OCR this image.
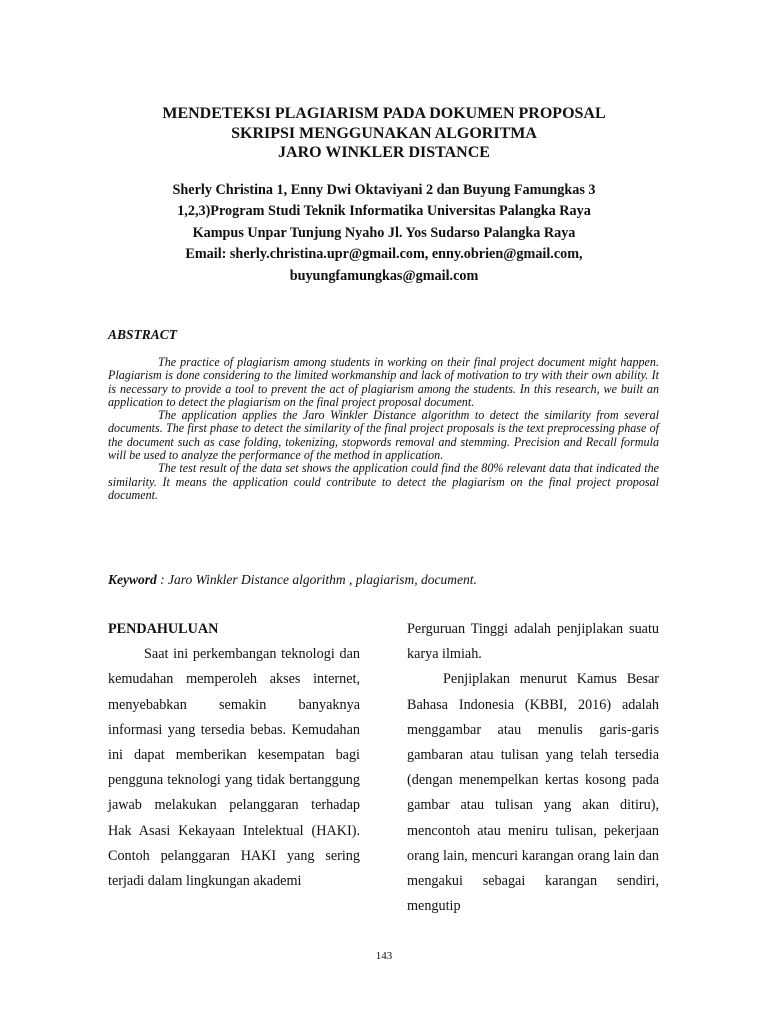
MENDETEKSI PLAGIARISM PADA DOKUMEN PROPOSAL
SKRIPSI MENGGUNAKAN ALGORITMA
JARO WINKLER DISTANCE
Sherly Christina 1, Enny Dwi Oktaviyani 2 dan Buyung Famungkas 3
1,2,3)Program Studi Teknik Informatika Universitas Palangka Raya
Kampus Unpar Tunjung Nyaho Jl. Yos Sudarso Palangka Raya
Email: sherly.christina.upr@gmail.com, enny.obrien@gmail.com,
buyungfamungkas@gmail.com
ABSTRACT

The practice of plagiarism among students in working on their final project document might happen. Plagiarism is done considering to the limited workmanship and lack of motivation to try with their own ability. It is necessary to provide a tool to prevent the act of plagiarism among the students. In this research, we built an application to detect the plagiarism on the final project proposal document.

The application applies the Jaro Winkler Distance algorithm to detect the similarity from several documents. The first phase to detect the similarity of the final project proposals is the text preprocessing phase of the document such as case folding, tokenizing, stopwords removal and stemming. Precision and Recall formula will be used to analyze the performance of the method in application.

The test result of the data set shows the application could find the 80% relevant data that indicated the similarity. It means the application could contribute to detect the plagiarism on the final project proposal document.

Keyword : Jaro Winkler Distance algorithm , plagiarism, document.
PENDAHULUAN

Saat ini perkembangan teknologi dan kemudahan memperoleh akses internet, menyebabkan semakin banyaknya informasi yang tersedia bebas. Kemudahan ini dapat memberikan kesempatan bagi pengguna teknologi yang tidak bertanggung jawab melakukan pelanggaran terhadap Hak Asasi Kekayaan Intelektual (HAKI). Contoh pelanggaran HAKI yang sering terjadi dalam lingkungan akademi

Perguruan Tinggi adalah penjiplakan suatu karya ilmiah.

Penjiplakan menurut Kamus Besar Bahasa Indonesia (KBBI, 2016) adalah menggambar atau menulis garis-garis gambaran atau tulisan yang telah tersedia (dengan menempelkan kertas kosong pada gambar atau tulisan yang akan ditiru), mencontoh atau meniru tulisan, pekerjaan orang lain, mencuri karangan orang lain dan mengakui sebagai karangan sendiri, mengutip

143
